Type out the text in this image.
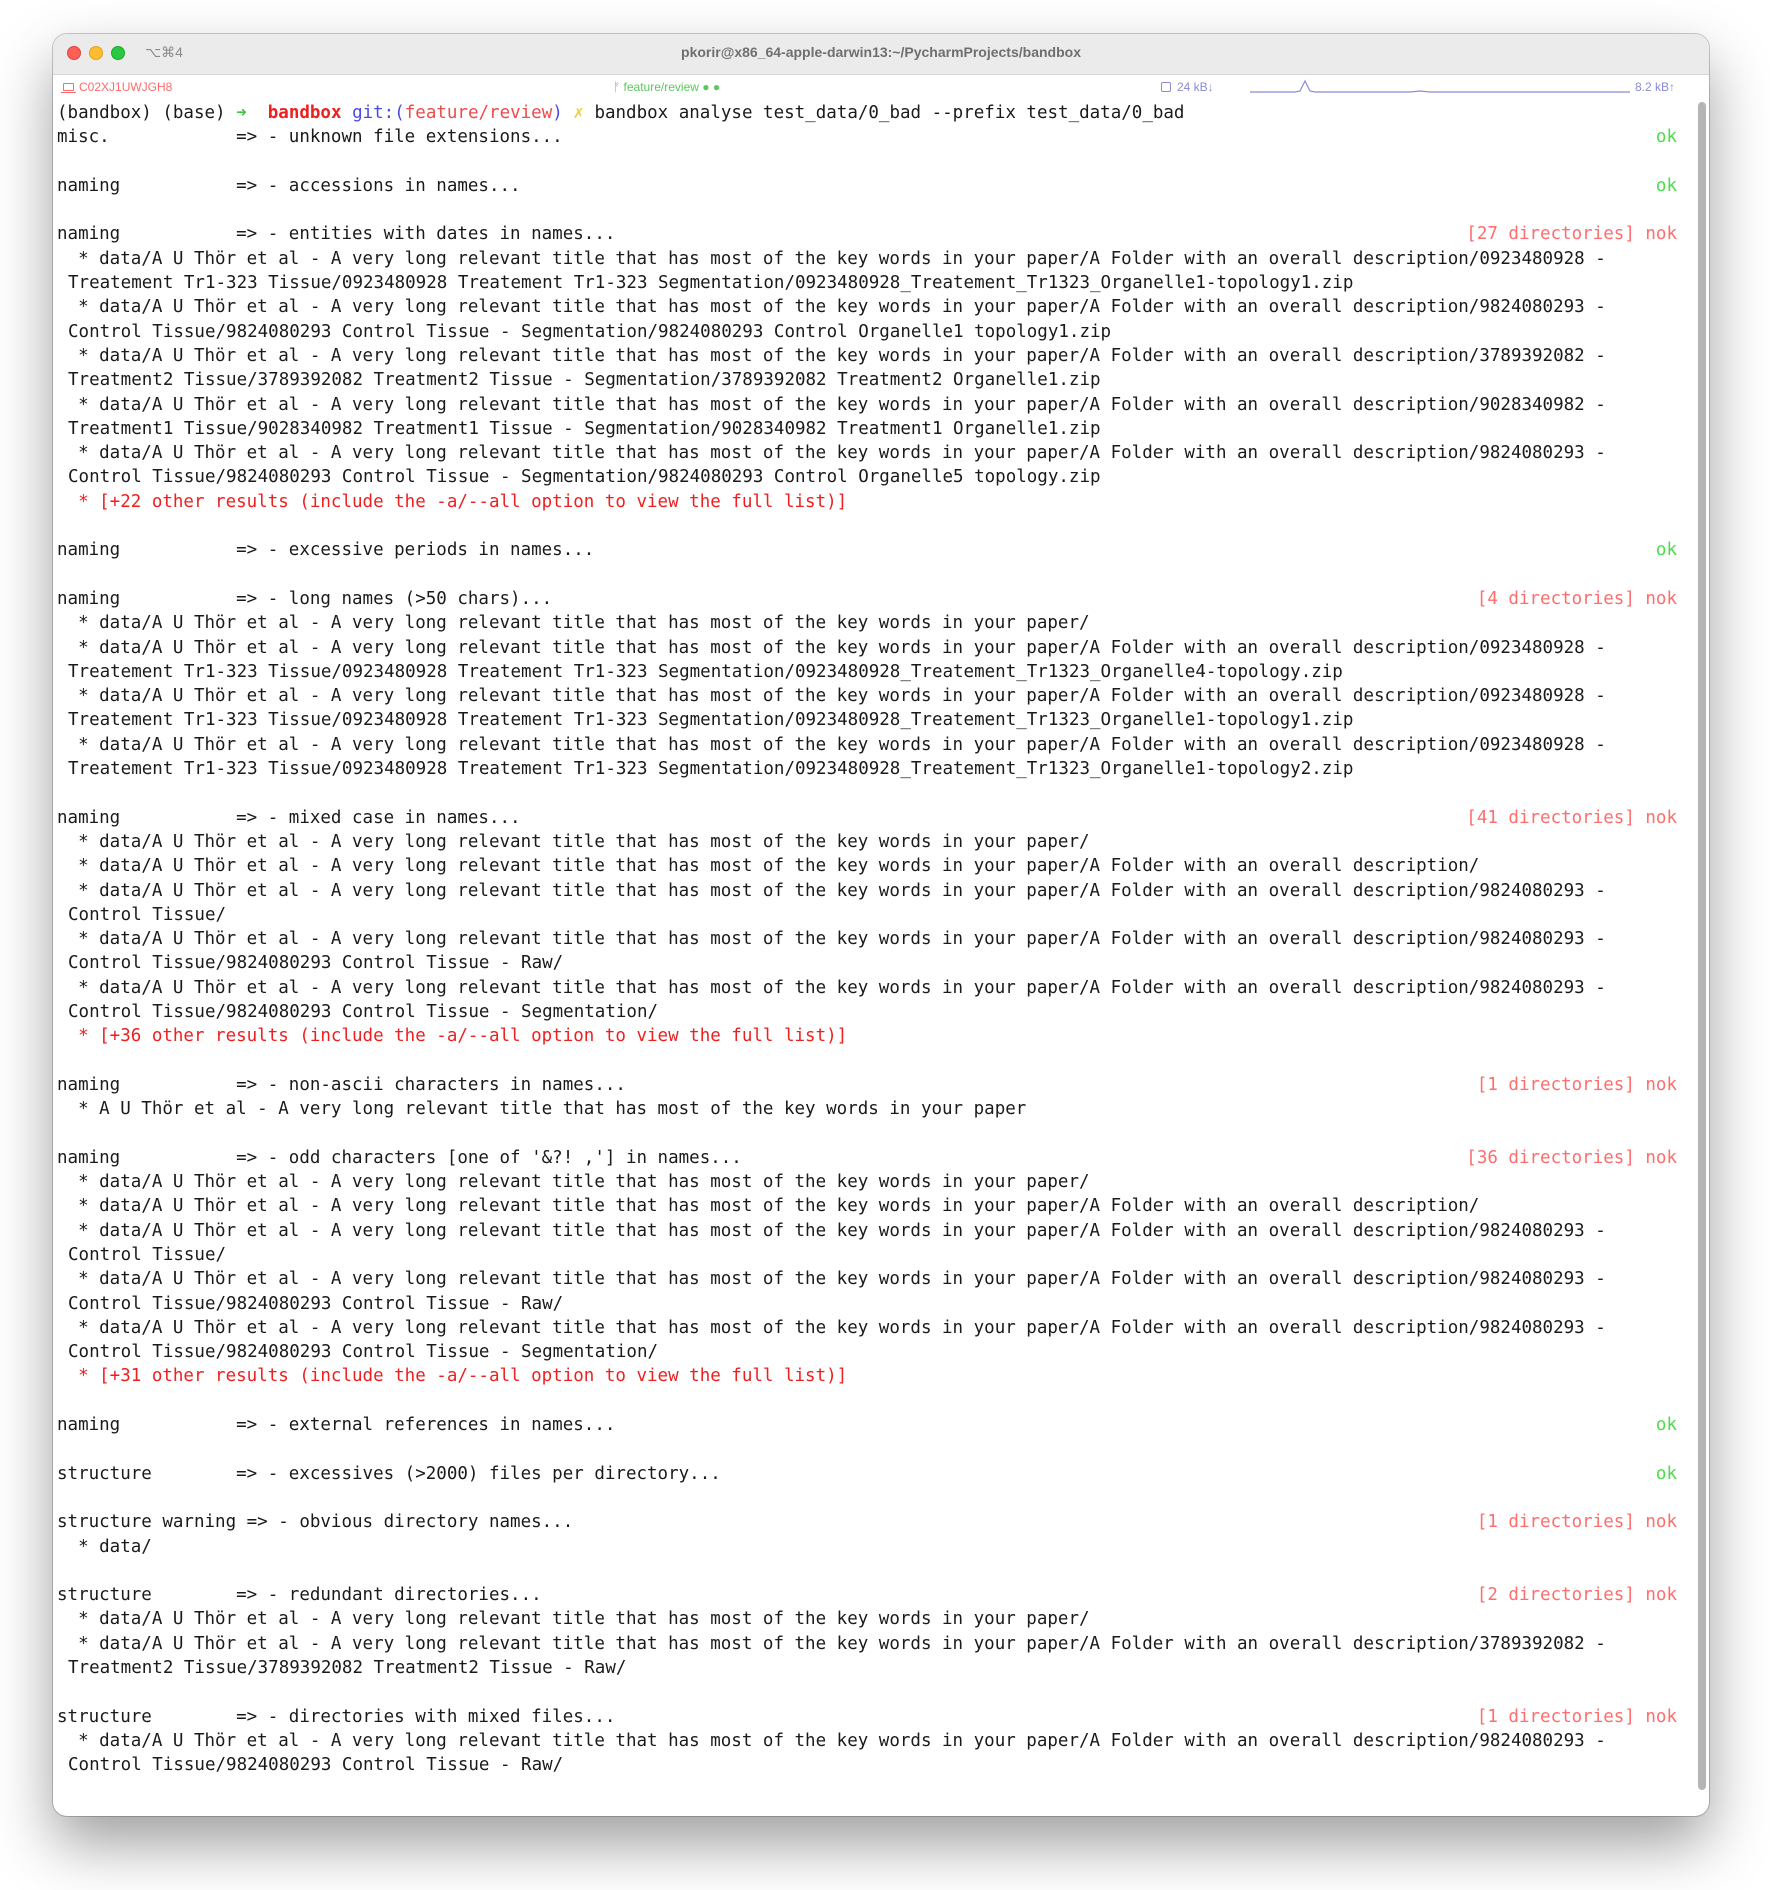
⌥⌘4	pkorir@x86_64-apple-darwin13:~/PycharmProjects/bandbox
C02XJ1UWJGH8	ᚠ feature/review ● ●	24 kB↓	8.2 kB↑
(bandbox) (base) ➜ bandbox git:(feature/review) ✗ bandbox analyse test_data/0_bad --prefix test_data/0_bad
misc.            => - unknown file extensions...	ok
naming           => - accessions in names...	ok
naming           => - entities with dates in names...	[27 directories] nok
* data/A U Thör et al - A very long relevant title that has most of the key words in your paper/A Folder with an overall description/0923480928 -
Treatement Tr1-323 Tissue/0923480928 Treatement Tr1-323 Segmentation/0923480928_Treatement_Tr1323_Organelle1-topology1.zip
* data/A U Thör et al - A very long relevant title that has most of the key words in your paper/A Folder with an overall description/9824080293 -
Control Tissue/9824080293 Control Tissue - Segmentation/9824080293 Control Organelle1 topology1.zip
* data/A U Thör et al - A very long relevant title that has most of the key words in your paper/A Folder with an overall description/3789392082 -
Treatment2 Tissue/3789392082 Treatment2 Tissue - Segmentation/3789392082 Treatment2 Organelle1.zip
* data/A U Thör et al - A very long relevant title that has most of the key words in your paper/A Folder with an overall description/9028340982 -
Treatment1 Tissue/9028340982 Treatment1 Tissue - Segmentation/9028340982 Treatment1 Organelle1.zip
* data/A U Thör et al - A very long relevant title that has most of the key words in your paper/A Folder with an overall description/9824080293 -
Control Tissue/9824080293 Control Tissue - Segmentation/9824080293 Control Organelle5 topology.zip
* [+22 other results (include the -a/--all option to view the full list)]
naming           => - excessive periods in names...	ok
naming           => - long names (>50 chars)...	[4 directories] nok
* data/A U Thör et al - A very long relevant title that has most of the key words in your paper/
* data/A U Thör et al - A very long relevant title that has most of the key words in your paper/A Folder with an overall description/0923480928 -
Treatement Tr1-323 Tissue/0923480928 Treatement Tr1-323 Segmentation/0923480928_Treatement_Tr1323_Organelle4-topology.zip
* data/A U Thör et al - A very long relevant title that has most of the key words in your paper/A Folder with an overall description/0923480928 -
Treatement Tr1-323 Tissue/0923480928 Treatement Tr1-323 Segmentation/0923480928_Treatement_Tr1323_Organelle1-topology1.zip
* data/A U Thör et al - A very long relevant title that has most of the key words in your paper/A Folder with an overall description/0923480928 -
Treatement Tr1-323 Tissue/0923480928 Treatement Tr1-323 Segmentation/0923480928_Treatement_Tr1323_Organelle1-topology2.zip
naming           => - mixed case in names...	[41 directories] nok
* data/A U Thör et al - A very long relevant title that has most of the key words in your paper/
* data/A U Thör et al - A very long relevant title that has most of the key words in your paper/A Folder with an overall description/
* data/A U Thör et al - A very long relevant title that has most of the key words in your paper/A Folder with an overall description/9824080293 -
Control Tissue/
* data/A U Thör et al - A very long relevant title that has most of the key words in your paper/A Folder with an overall description/9824080293 -
Control Tissue/9824080293 Control Tissue - Raw/
* data/A U Thör et al - A very long relevant title that has most of the key words in your paper/A Folder with an overall description/9824080293 -
Control Tissue/9824080293 Control Tissue - Segmentation/
* [+36 other results (include the -a/--all option to view the full list)]
naming           => - non-ascii characters in names...	[1 directories] nok
* A U Thör et al - A very long relevant title that has most of the key words in your paper
naming           => - odd characters [one of '&?! ,'] in names...	[36 directories] nok
* data/A U Thör et al - A very long relevant title that has most of the key words in your paper/
* data/A U Thör et al - A very long relevant title that has most of the key words in your paper/A Folder with an overall description/
* data/A U Thör et al - A very long relevant title that has most of the key words in your paper/A Folder with an overall description/9824080293 -
Control Tissue/
* data/A U Thör et al - A very long relevant title that has most of the key words in your paper/A Folder with an overall description/9824080293 -
Control Tissue/9824080293 Control Tissue - Raw/
* data/A U Thör et al - A very long relevant title that has most of the key words in your paper/A Folder with an overall description/9824080293 -
Control Tissue/9824080293 Control Tissue - Segmentation/
* [+31 other results (include the -a/--all option to view the full list)]
naming           => - external references in names...	ok
structure        => - excessives (>2000) files per directory...	ok
structure warning => - obvious directory names...	[1 directories] nok
* data/
structure        => - redundant directories...	[2 directories] nok
* data/A U Thör et al - A very long relevant title that has most of the key words in your paper/
* data/A U Thör et al - A very long relevant title that has most of the key words in your paper/A Folder with an overall description/3789392082 -
Treatment2 Tissue/3789392082 Treatment2 Tissue - Raw/
structure        => - directories with mixed files...	[1 directories] nok
* data/A U Thör et al - A very long relevant title that has most of the key words in your paper/A Folder with an overall description/9824080293 -
Control Tissue/9824080293 Control Tissue - Raw/
